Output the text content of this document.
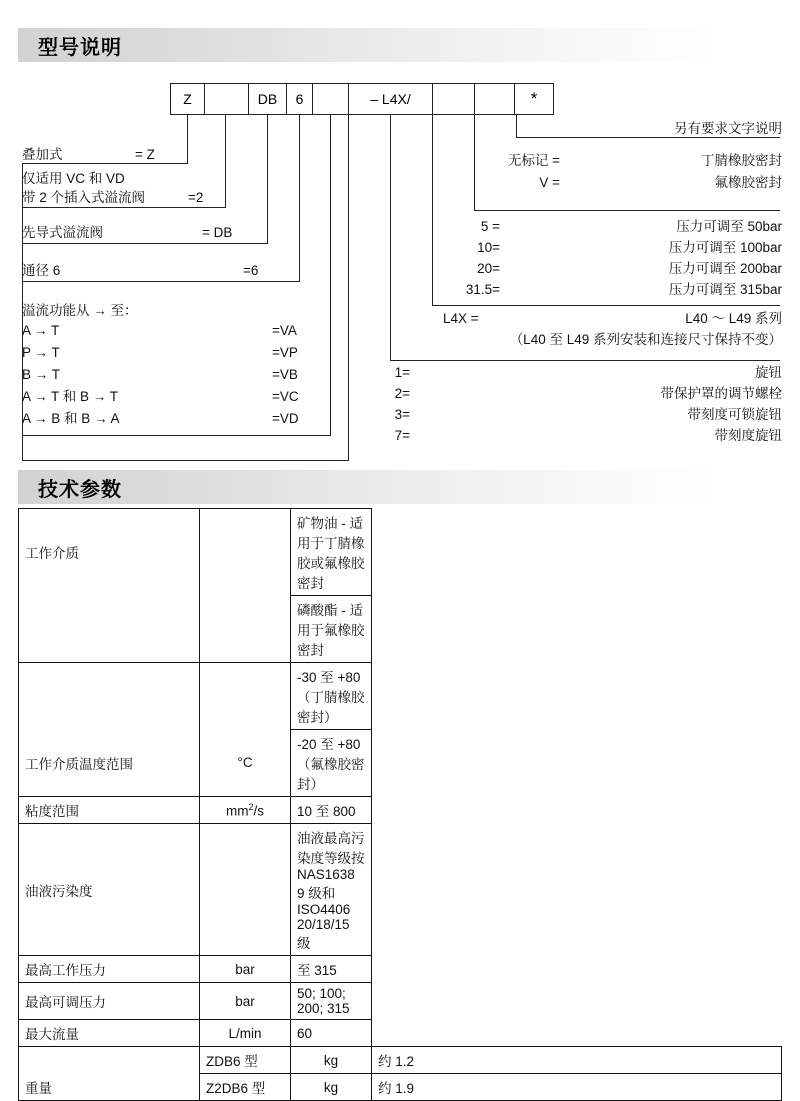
型号说明
Z	DB	6	– L4X/	*
叠加式	= Z
仅适用 VC 和 VD
带 2 个插入式溢流阀	=2
先导式溢流阀	= DB
通径 6	=6
溢流功能从 → 至：
A → T	=VA
P → T	=VP
B → T	=VB
A → T 和 B → T	=VC
A → B 和 B → A	=VD
另有要求文字说明
无标记 =	丁腈橡胶密封
V =	氟橡胶密封
5 =	压力可调至 50bar
10=	压力可调至 100bar
20=	压力可调至 200bar
31.5=	压力可调至 315bar
L4X =	L40 ～ L49 系列
（L40 至 L49 系列安装和连接尺寸保持不变）
1=	旋钮
2=	带保护罩的调节螺栓
3=	带刻度可锁旋钮
7=	带刻度旋钮
技术参数
工作介质		矿物油 - 适用于丁腈橡胶或氟橡胶密封	
		磷酸酯 - 适用于氟橡胶密封	
		-30 至 +80（丁腈橡胶密封）	
工作介质温度范围	°C	-20 至 +80（氟橡胶密封）	
粘度范围	$mm^2/s$	10 至 800	
油液污染度		油液最高污染度等级按 NAS1638 9 级和 ISO4406 20/18/15 级	
最高工作压力	bar	至 315	
最高可调压力	bar	50; 100; 200; 315	
最大流量	L/min	60	
	ZDB6 型	kg	约 1.2
重量	Z2DB6 型	kg	约 1.9
